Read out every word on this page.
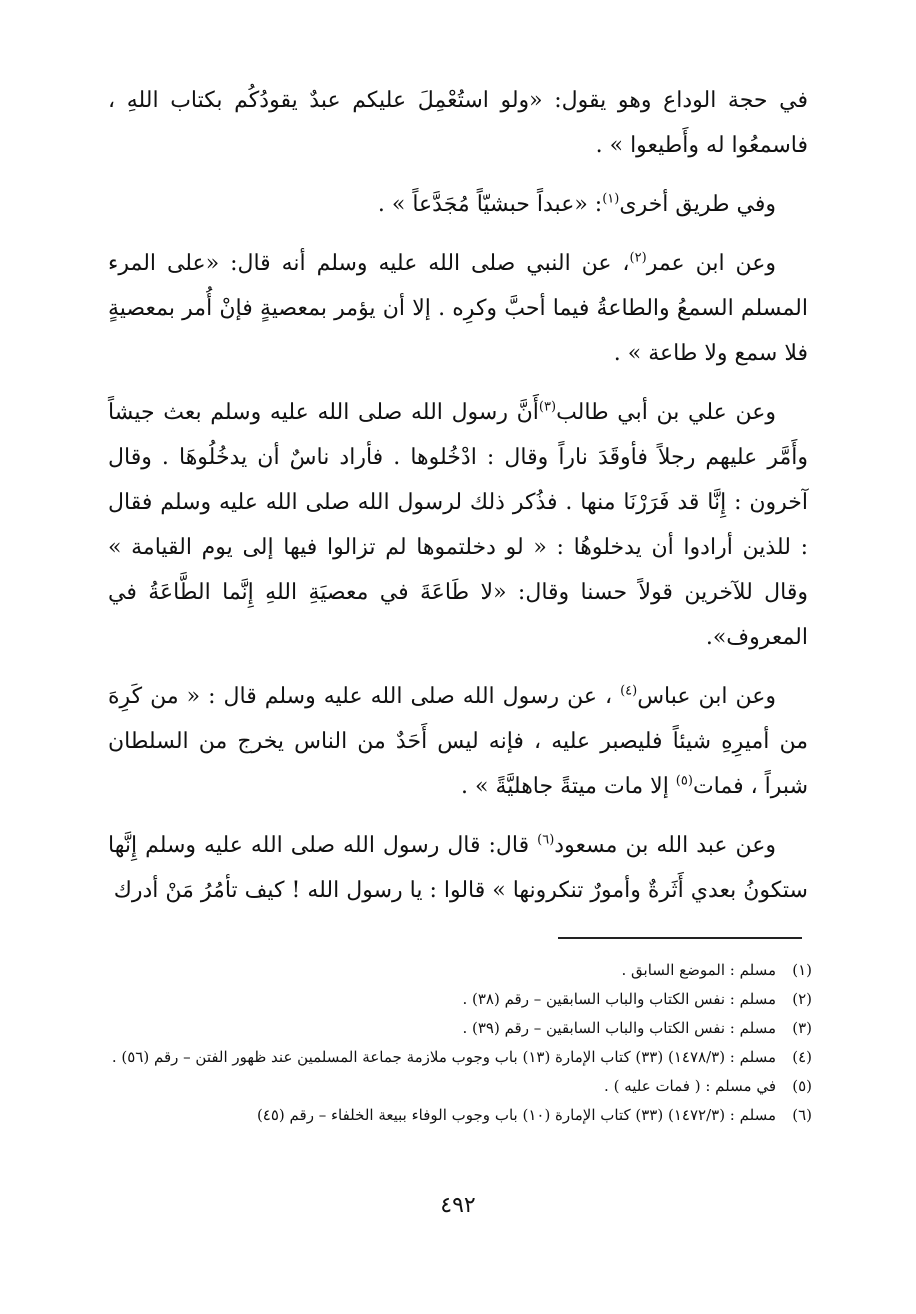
في حجة الوداع وهو يقول: «ولو استُعْمِلَ عليكم عبدٌ يقودُكُم بكتاب اللهِ ، فاسمعُوا له وأَطيعوا » .

وفي طريق أخرى$^{(١)}$: «عبداً حبشيّاً مُجَدَّعاً » .

وعن ابن عمر$^{(٢)}$، عن النبي صلى الله عليه وسلم أنه قال: «على المرء المسلم السمعُ والطاعةُ فيما أحبَّ وكرِه . إلا أن يؤمر بمعصيةٍ فإنْ أُمر بمعصيةٍ فلا سمع ولا طاعة » .

وعن علي بن أبي طالب$^{(٣)}$أَنَّ رسول الله صلى الله عليه وسلم بعث جيشاً وأَمَّر عليهم رجلاً فأوقَدَ ناراً وقال : ادْخُلوها . فأراد ناسٌ أن يدخُلُوهَا . وقال آخرون : إِنَّا قد فَرَرْنَا منها . فذُكر ذلك لرسول الله صلى الله عليه وسلم فقال : للذين أرادوا أن يدخلوهُا : « لو دخلتموها لم تزالوا فيها إلى يوم القيامة » وقال للآخرين قولاً حسنا وقال: «لا طَاعَةَ في معصيَةِ اللهِ إِنَّما الطَّاعَةُ في المعروف».

وعن ابن عباس$^{(٤)}$ ، عن رسول الله صلى الله عليه وسلم قال : « من كَرِهَ من أميرِهِ شيئاً فليصبر عليه ، فإنه ليس أَحَدٌ من الناس يخرج من السلطان شبراً ، فمات$^{(٥)}$ إلا مات ميتةً جاهليَّةً » .

وعن عبد الله بن مسعود$^{(٦)}$ قال: قال رسول الله صلى الله عليه وسلم إِنَّها ستكونُ بعدي أَثَرةٌ وأمورٌ تنكرونها » قالوا : يا رسول الله ! كيف تأمُرُ مَنْ أدرك

(١)
مسلم : الموضع السابق .
(٢)
مسلم : نفس الكتاب والباب السابقين – رقم (٣٨) .
(٣)
مسلم : نفس الكتاب والباب السابقين – رقم (٣٩) .
(٤)
مسلم : (١٤٧٨/٣) (٣٣) كتاب الإمارة (١٣) باب وجوب ملازمة جماعة المسلمين عند ظهور الفتن – رقم (٥٦) .
(٥)
في مسلم : ( فمات عليه ) .
(٦)
مسلم : (١٤٧٢/٣) (٣٣) كتاب الإمارة (١٠) باب وجوب الوفاء ببيعة الخلفاء – رقم (٤٥)
٤٩٢
